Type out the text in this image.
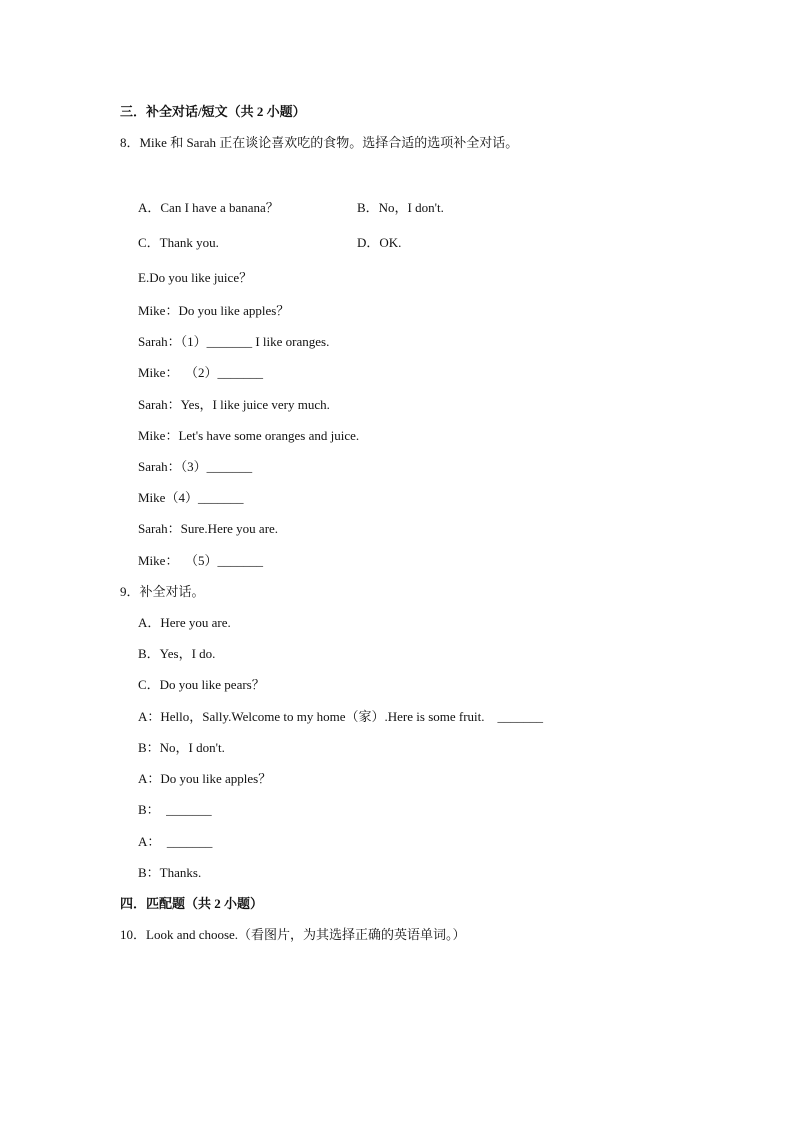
三．补全对话/短文（共 2 小题）
8．Mike 和 Sarah 正在谈论喜欢吃的食物。选择合适的选项补全对话。
A．Can I have a banana？	B．No，I don't.
C．Thank you.	D．OK.
E.Do you like juice？
Mike：Do you like apples？
Sarah：（1）_______ I like oranges.
Mike：  （2）_______
Sarah：Yes，I like juice very much.
Mike：Let's have some oranges and juice.
Sarah：（3）_______
Mike（4）_______
Sarah：Sure.Here you are.
Mike：  （5）_______
9．补全对话。
A．Here you are.
B．Yes，I do.
C．Do you like pears？
A：Hello，Sally.Welcome to my home（家）.Here is some fruit.    _______
B：No，I don't.
A：Do you like apples？
B：  _______
A：  _______
B：Thanks.
四．匹配题（共 2 小题）
10．Look and choose.（看图片，为其选择正确的英语单词。）
